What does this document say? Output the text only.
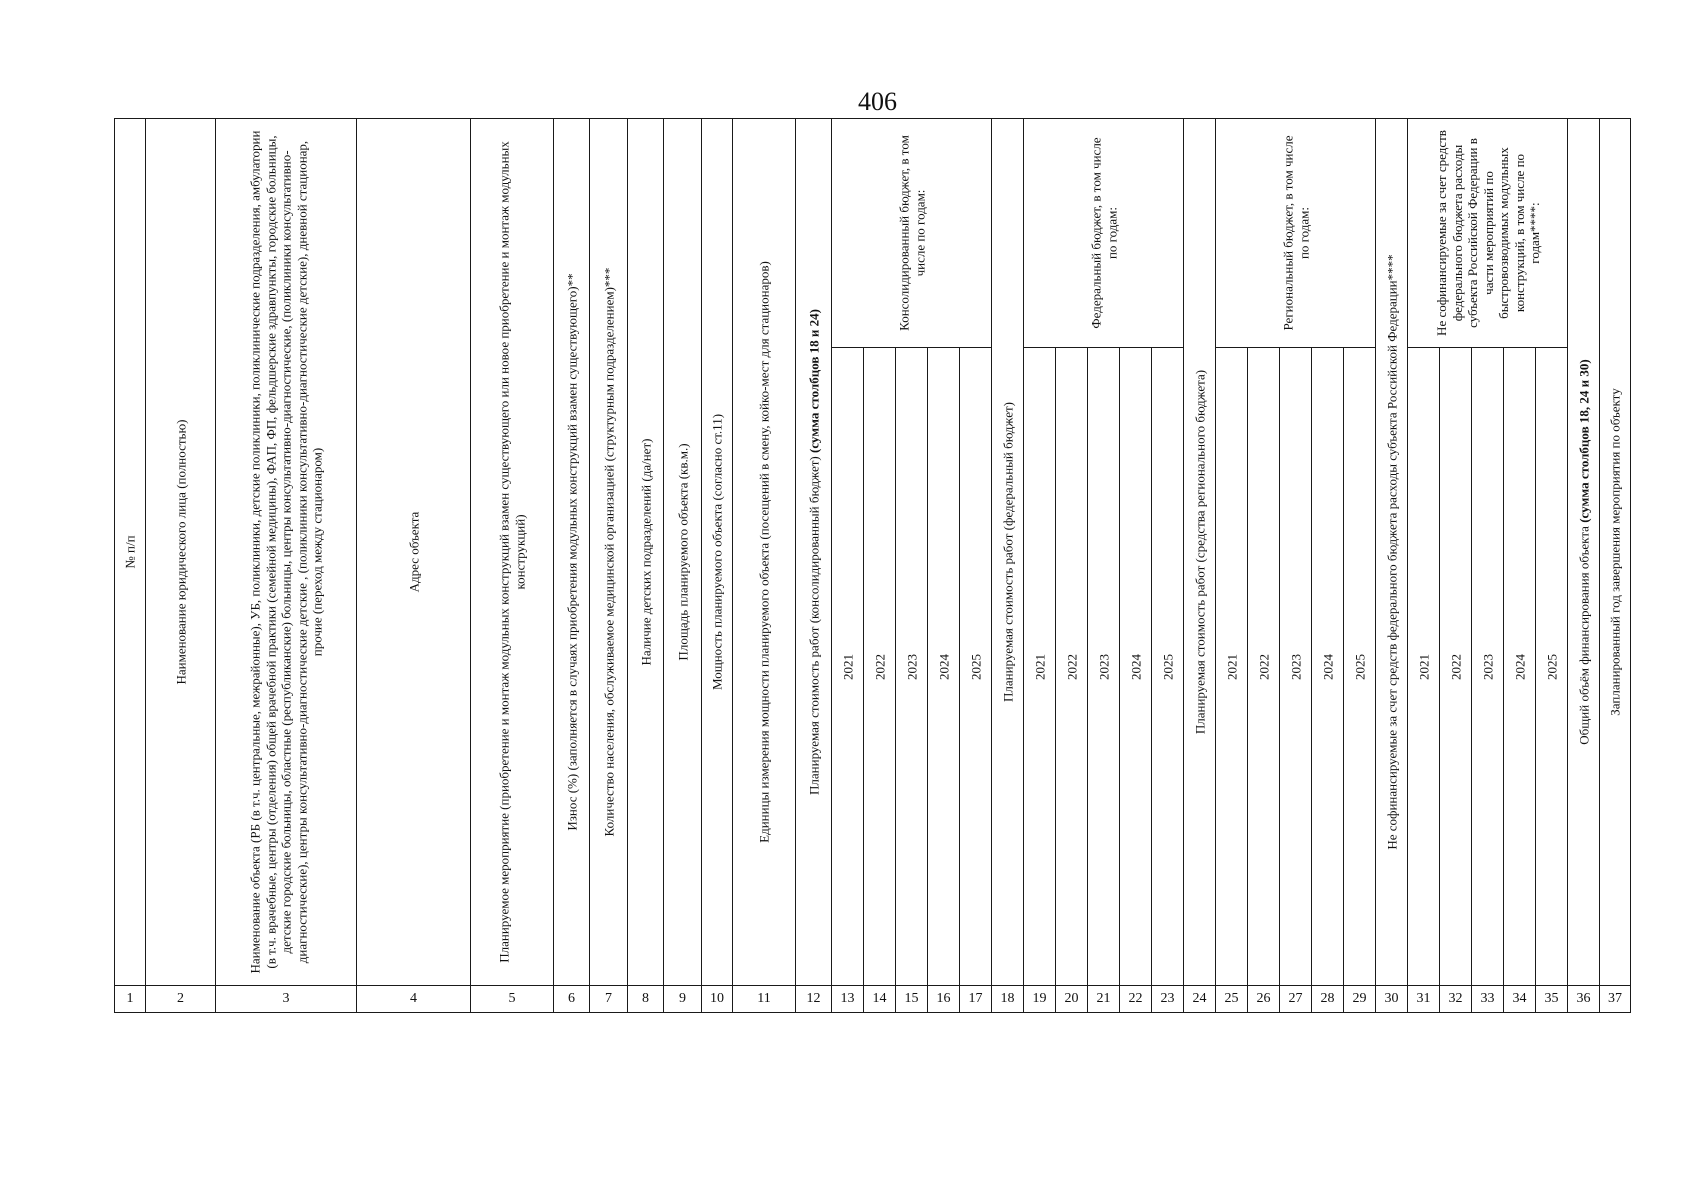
406
№ п/п	Наименование юридического лица (полностью)	Наименование объекта (РБ (в т.ч. центральные, межрайонные), УБ, поликлиники, детские поликлиники, поликлинические подразделения, амбулатории (в т.ч. врачебные, центры (отделения) общей врачебной практики (семейной медицины), ФАП, ФП, фельдшерские здравпункты, городские больницы, детские городские больницы, областные (республиканские) больницы, центры консультативно-диагностические, (поликлиники консультативно-диагностические), центры консультативно-диагностические детские , (поликлиники консультативно-диагностические детские), дневной стационар, прочие (переход между стационаром)	Адрес объекта	Планируемое мероприятие (приобретение и монтаж модульных конструкций взамен существующего или новое приобретение и монтаж модульных конструкций)	Износ (%) (заполняется в случаях приобретения модульных конструкций взамен существующего)**	Количество населения, обслуживаемое медицинской организацией (структурным подразделением)***	Наличие детских подразделений (да/нет)	Площадь планируемого объекта (кв.м.)	Мощность планируемого объекта (согласно ст.11)	Единицы измерения мощности планируемого объекта (посещений в смену, койко-мест для стационаров)	Планируемая стоимость работ (консолидированный бюджет) (сумма столбцов 18 и 24)	Консолидированный бюджет, в том числе по годам:					Планируемая стоимость работ (федеральный бюджет)	Федеральный бюджет, в том числе по годам:					Планируемая стоимость работ (средства регионального бюджета)	Региональный бюджет, в том числе по годам:					Не софинансируемые за счет средств федерального бюджета расходы субъекта Российской Федерации****	Не софинансируемые за счет средств федерального бюджета расходы субъекта Российской Федерации в части мероприятий по быстровозводимых модульных конструкций, в том числе по годам****:					Общий объём финансирования объекта (сумма столбцов 18, 24 и 30)	Запланированный год завершения мероприятия по объекту

												2021	2022	2023	2024	2025		2021	2022	2023	2024	2025		2021	2022	2023	2024	2025		2021	2022	2023	2024	2025		

1	2	3	4	5	6	7	8	9	10	11	12	13	14	15	16	17	18	19	20	21	22	23	24	25	26	27	28	29	30	31	32	33	34	35	36	37
